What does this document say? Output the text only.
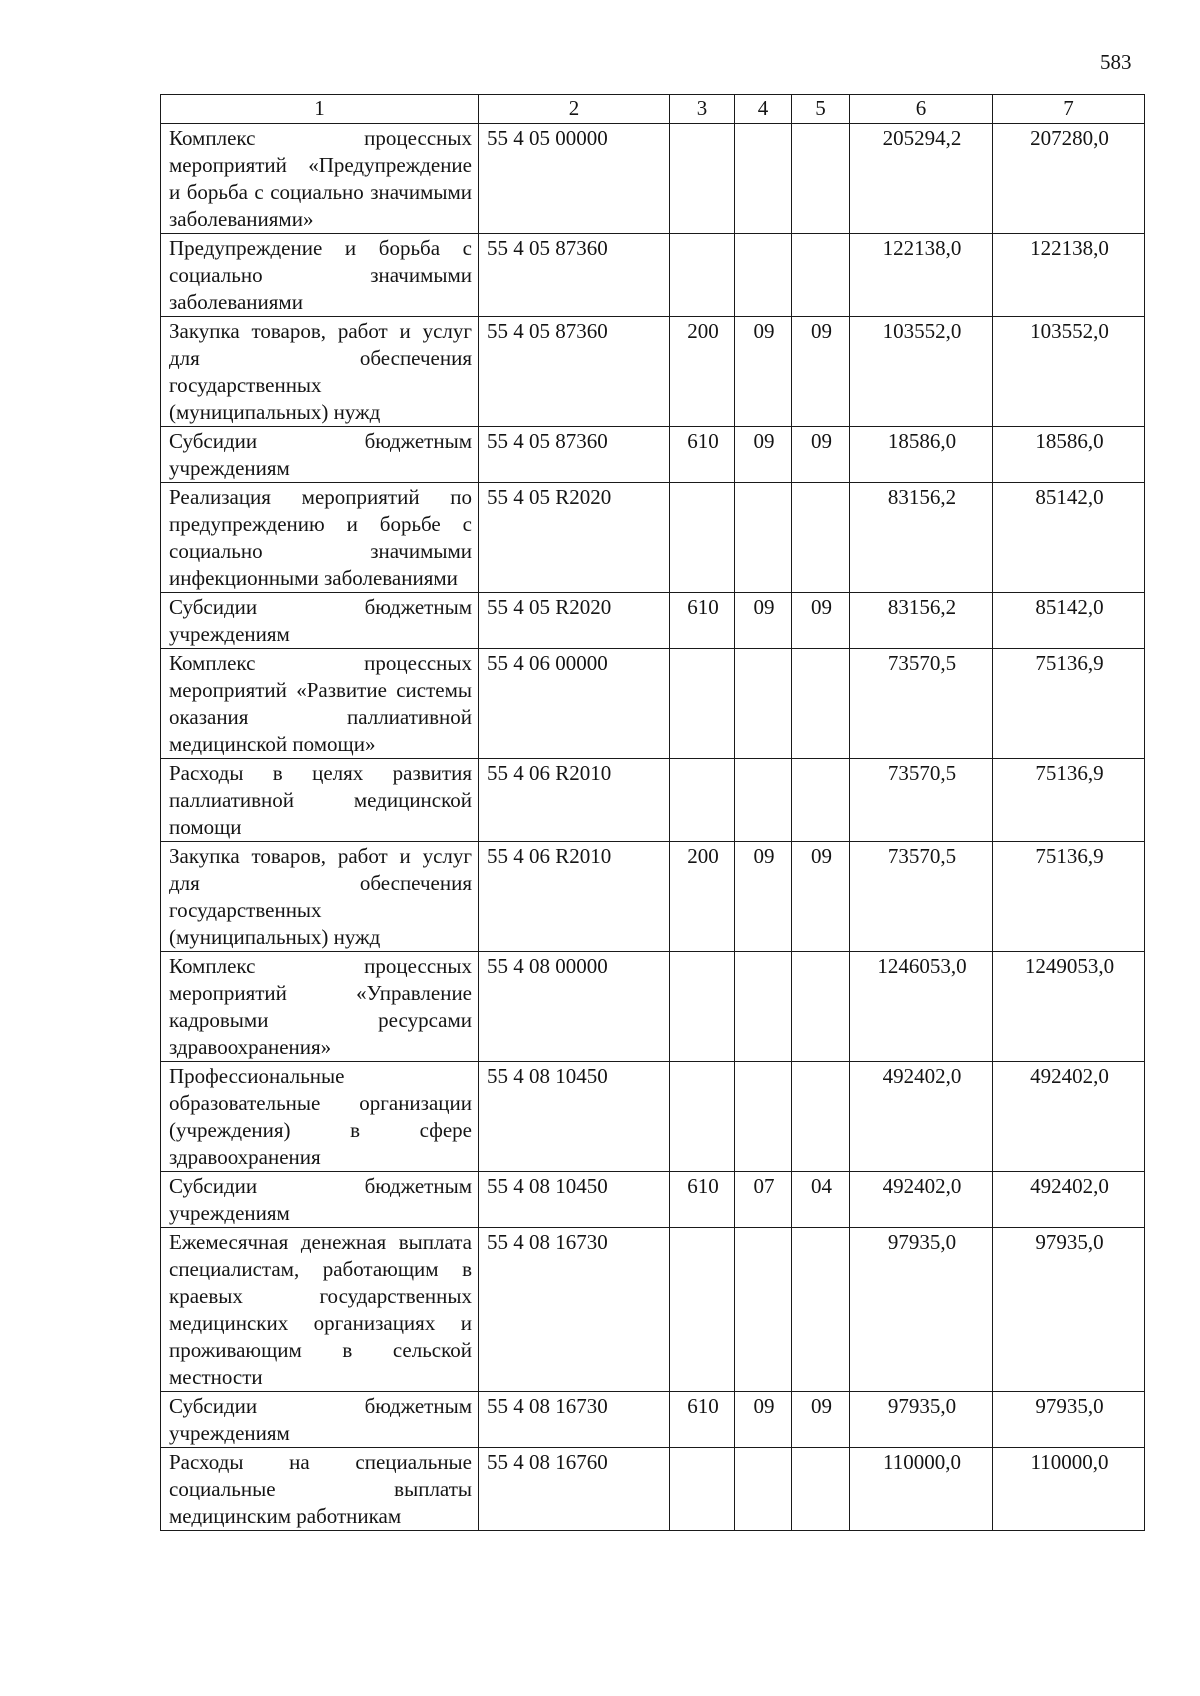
583
1	2	3	4	5	6	7
Комплекс процессных мероприятий «Предупреждение и борьба с социально значимыми заболеваниями»	55 4 05 00000				205294,2	207280,0
Предупреждение и борьба с социально значимыми заболеваниями	55 4 05 87360				122138,0	122138,0
Закупка товаров, работ и услуг для обеспечения государственных (муниципальных) нужд	55 4 05 87360	200	09	09	103552,0	103552,0
Субсидии бюджетным учреждениям	55 4 05 87360	610	09	09	18586,0	18586,0
Реализация мероприятий по предупреждению и борьбе с социально значимыми инфекционными заболеваниями	55 4 05 R2020				83156,2	85142,0
Субсидии бюджетным учреждениям	55 4 05 R2020	610	09	09	83156,2	85142,0
Комплекс процессных мероприятий «Развитие системы оказания паллиативной медицинской помощи»	55 4 06 00000				73570,5	75136,9
Расходы в целях развития паллиативной медицинской помощи	55 4 06 R2010				73570,5	75136,9
Закупка товаров, работ и услуг для обеспечения государственных (муниципальных) нужд	55 4 06 R2010	200	09	09	73570,5	75136,9
Комплекс процессных мероприятий «Управление кадровыми ресурсами здравоохранения»	55 4 08 00000				1246053,0	1249053,0
Профессиональные образовательные организации (учреждения) в сфере здравоохранения	55 4 08 10450				492402,0	492402,0
Субсидии бюджетным учреждениям	55 4 08 10450	610	07	04	492402,0	492402,0
Ежемесячная денежная выплата специалистам, работающим в краевых государственных медицинских организациях и проживающим в сельской местности	55 4 08 16730				97935,0	97935,0
Субсидии бюджетным учреждениям	55 4 08 16730	610	09	09	97935,0	97935,0
Расходы на специальные социальные выплаты медицинским работникам	55 4 08 16760				110000,0	110000,0
